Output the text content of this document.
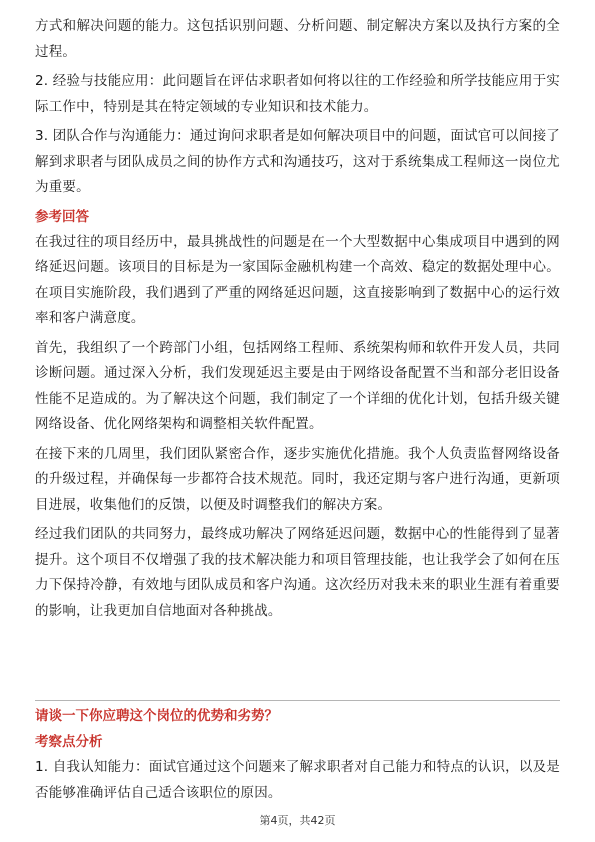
方式和解决问题的能力。这包括识别问题、分析问题、制定解决方案以及执行方案的全过程。

2. 经验与技能应用：此问题旨在评估求职者如何将以往的工作经验和所学技能应用于实际工作中，特别是其在特定领域的专业知识和技术能力。

3. 团队合作与沟通能力：通过询问求职者是如何解决项目中的问题，面试官可以间接了解到求职者与团队成员之间的协作方式和沟通技巧，这对于系统集成工程师这一岗位尤为重要。

参考回答

在我过往的项目经历中，最具挑战性的问题是在一个大型数据中心集成项目中遇到的网络延迟问题。该项目的目标是为一家国际金融机构建一个高效、稳定的数据处理中心。在项目实施阶段，我们遇到了严重的网络延迟问题，这直接影响到了数据中心的运行效率和客户满意度。

首先，我组织了一个跨部门小组，包括网络工程师、系统架构师和软件开发人员，共同诊断问题。通过深入分析，我们发现延迟主要是由于网络设备配置不当和部分老旧设备性能不足造成的。为了解决这个问题，我们制定了一个详细的优化计划，包括升级关键网络设备、优化网络架构和调整相关软件配置。

在接下来的几周里，我们团队紧密合作，逐步实施优化措施。我个人负责监督网络设备的升级过程，并确保每一步都符合技术规范。同时，我还定期与客户进行沟通，更新项目进展，收集他们的反馈，以便及时调整我们的解决方案。

经过我们团队的共同努力，最终成功解决了网络延迟问题，数据中心的性能得到了显著提升。这个项目不仅增强了我的技术解决能力和项目管理技能，也让我学会了如何在压力下保持冷静，有效地与团队成员和客户沟通。这次经历对我未来的职业生涯有着重要的影响，让我更加自信地面对各种挑战。

请谈一下你应聘这个岗位的优势和劣势？

考察点分析

1. 自我认知能力：面试官通过这个问题来了解求职者对自己能力和特点的认识，以及是否能够准确评估自己适合该职位的原因。

第4页，共42页
